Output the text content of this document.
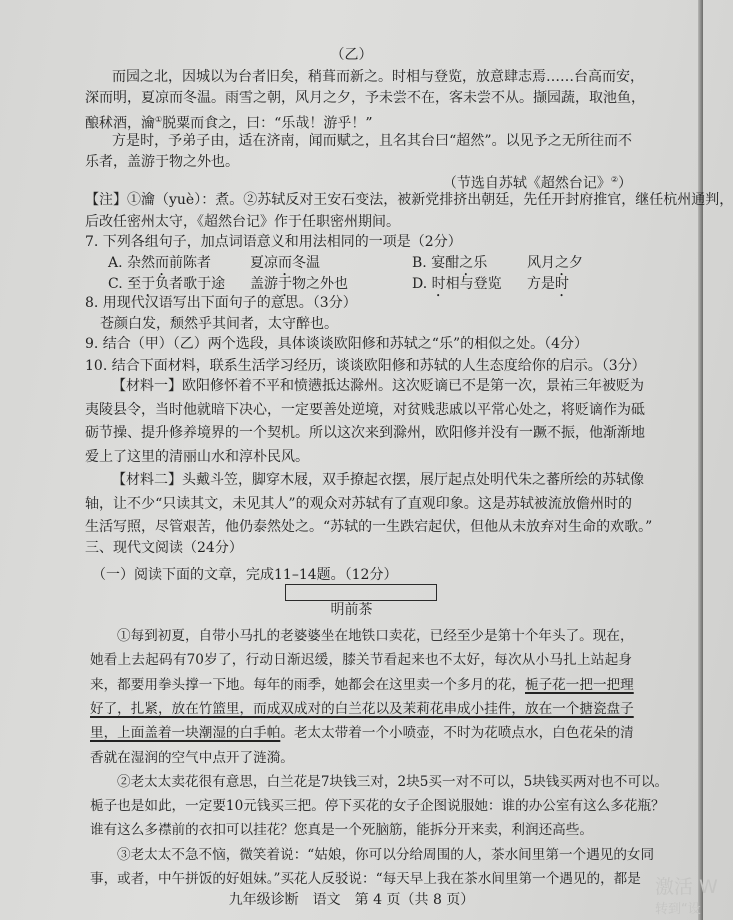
（乙）
而园之北，因城以为台者旧矣，稍葺而新之。时相与登览，放意肆志焉……台高而安，
深而明，夏凉而冬温。雨雪之朝，风月之夕，予未尝不在，客未尝不从。撷园蔬，取池鱼，
酿秫酒，瀹①脱粟而食之，曰：“乐哉！游乎！”
方是时，予弟子由，适在济南，闻而赋之，且名其台曰“超然”。以见予之无所往而不
乐者，盖游于物之外也。
（节选自苏轼《超然台记》②）
【注】①瀹（yuè）：煮。②苏轼反对王安石变法，被新党排挤出朝廷，先任开封府推官，继任杭州通判，
后改任密州太守，《超然台记》作于任职密州期间。
【材料一】欧阳修怀着不平和愤懑抵达滁州。这次贬谪已不是第一次，景祐三年被贬为
夷陵县令，当时他就暗下决心，一定要善处逆境，对贫贱悲戚以平常心处之，将贬谪作为砥
砺节操、提升修养境界的一个契机。所以这次来到滁州，欧阳修并没有一蹶不振，他渐渐地
爱上了这里的清丽山水和淳朴民风。
【材料二】头戴斗笠，脚穿木屐，双手撩起衣摆，展厅起点处明代朱之蕃所绘的苏轼像
轴，让不少“只读其文，未见其人”的观众对苏轼有了直观印象。这是苏轼被流放儋州时的
生活写照，尽管艰苦，他仍泰然处之。“苏轼的一生跌宕起伏，但他从未放弃对生命的欢歌。”
三、现代文阅读（24分）
（一）阅读下面的文章，完成11–14题。（12分）
明前茶
①每到初夏，自带小马扎的老婆婆坐在地铁口卖花，已经至少是第十个年头了。现在，
她看上去起码有70岁了，行动日渐迟缓，膝关节看起来也不太好，每次从小马扎上站起身
来，都要用拳头撑一下地。每年的雨季，她都会在这里卖一个多月的花，栀子花一把一把理
好了，扎紧，放在竹篮里，而成双成对的白兰花以及茉莉花串成小挂件，放在一个搪瓷盘子
里，上面盖着一块潮湿的白手帕。老太太带着一个小喷壶，不时为花喷点水，白色花朵的清
香就在湿润的空气中点开了涟漪。
②老太太卖花很有意思，白兰花是7块钱三对，2块5买一对不可以，5块钱买两对也不可以。
栀子也是如此，一定要10元钱买三把。停下买花的女子企图说服她：谁的办公室有这么多花瓶？
谁有这么多襟前的衣扣可以挂花？您真是一个死脑筋，能拆分开来卖，利润还高些。
③老太太不急不恼，微笑着说：“姑娘，你可以分给周围的人，茶水间里第一个遇见的女同
事，或者，中午拼饭的好姐妹。”买花人反驳说：“每天早上我在茶水间里第一个遇见的，都是
九年级诊断　语文　第 4 页（共 8 页）
7. 下列各组句子，加点词语意义和用法相同的一项是（2分）
A. 杂然而前陈者	夏凉而冬温	B. 宴酣之乐	风月之夕
C. 至于负者歌于途 盖游于物之外也	D. 时相与登览 方是时
8. 用现代汉语写出下面句子的意思。（3分）
苍颜白发，颓然乎其间者，太守醉也。
9. 结合（甲）（乙）两个选段，具体谈谈欧阳修和苏轼之“乐”的相似之处。（4分）
10. 结合下面材料，联系生活学习经历，谈谈欧阳修和苏轼的人生态度给你的启示。（3分）
激活 W
转到“设
